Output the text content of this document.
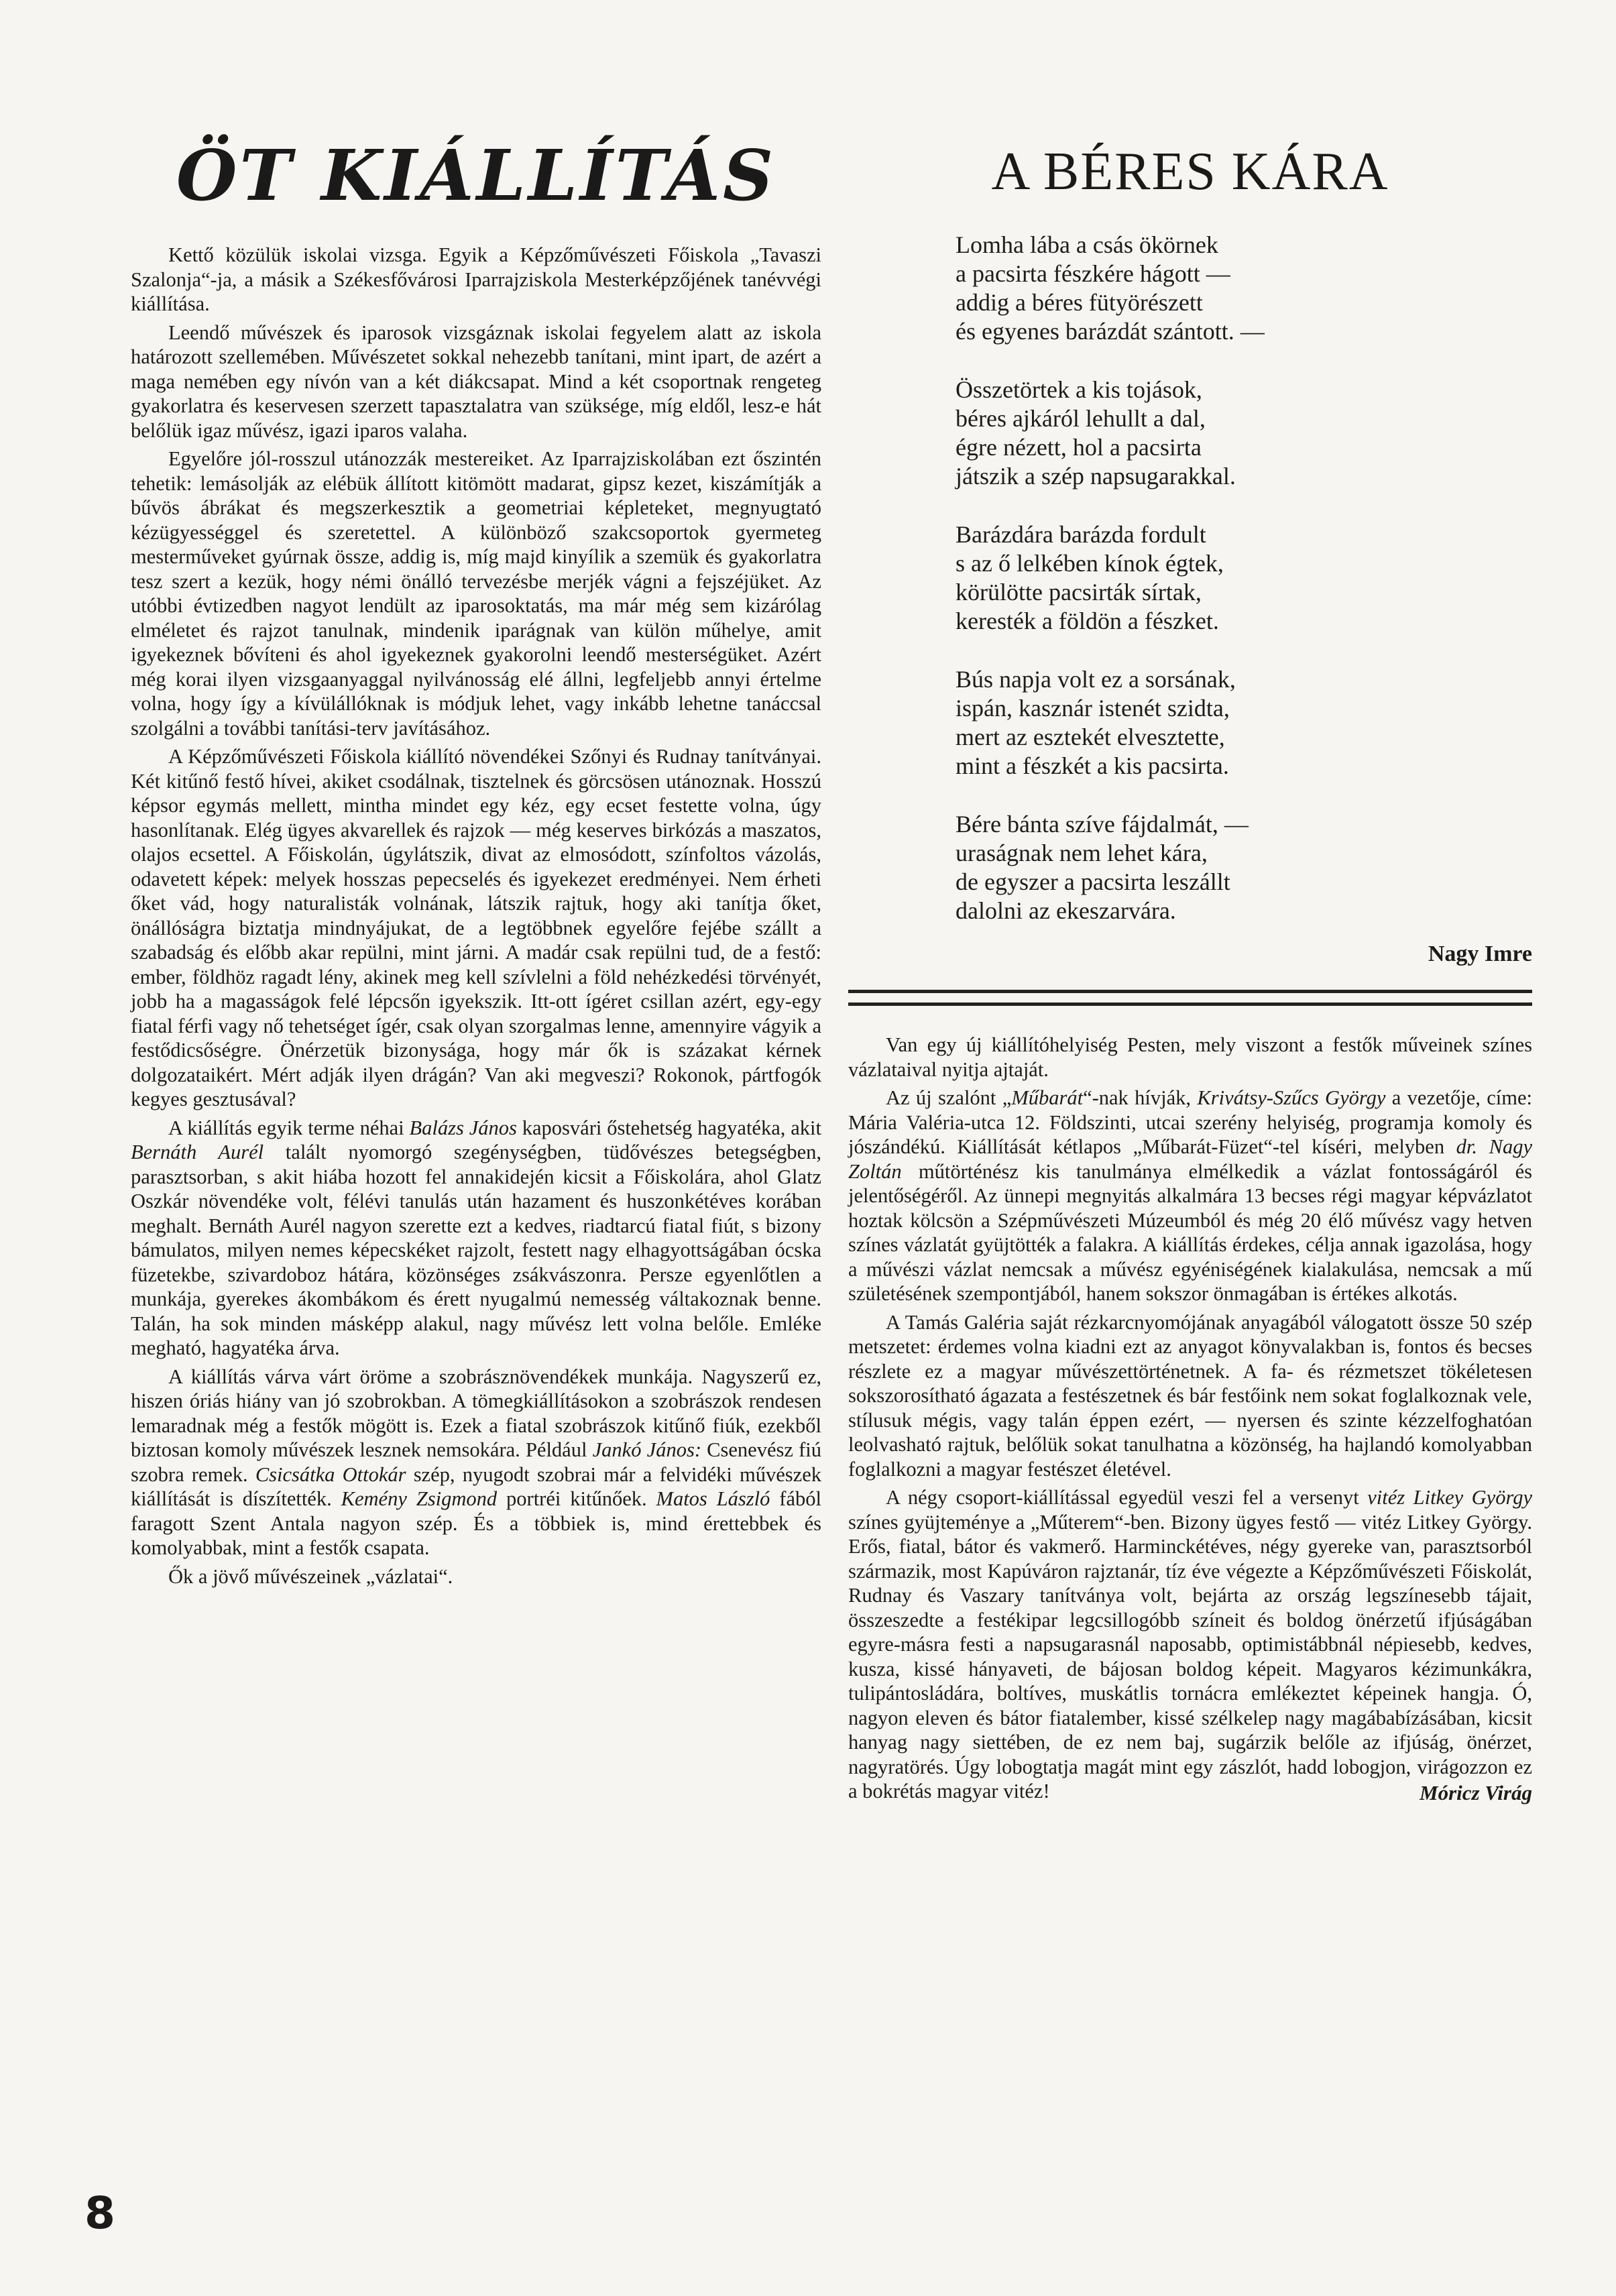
ÖT KIÁLLÍTÁS

Kettő közülük iskolai vizsga. Egyik a Képzőművészeti Főiskola „Tavaszi Szalonja“-ja, a másik a Székesfővárosi Iparrajziskola Mesterképzőjének tanévvégi kiállítása.

Leendő művészek és iparosok vizsgáznak iskolai fegyelem alatt az iskola határozott szellemében. Művészetet sokkal nehezebb tanítani, mint ipart, de azért a maga nemében egy nívón van a két diákcsapat. Mind a két csoportnak rengeteg gyakorlatra és keservesen szerzett tapasztalatra van szüksége, míg eldől, lesz-e hát belőlük igaz művész, igazi iparos valaha.

Egyelőre jól-rosszul utánozzák mestereiket. Az Iparrajziskolában ezt őszintén tehetik: lemásolják az elébük állított kitömött madarat, gipsz kezet, kiszámítják a bűvös ábrákat és megszerkesztik a geometriai képleteket, megnyugtató kézügyességgel és szeretettel. A különböző szakcsoportok gyermeteg mesterműveket gyúrnak össze, addig is, míg majd kinyílik a szemük és gyakorlatra tesz szert a kezük, hogy némi önálló tervezésbe merjék vágni a fejszéjüket. Az utóbbi évtizedben nagyot lendült az iparosoktatás, ma már még sem kizárólag elméletet és rajzot tanulnak, mindenik iparágnak van külön műhelye, amit igyekeznek bővíteni és ahol igyekeznek gyakorolni leendő mesterségüket. Azért még korai ilyen vizsgaanyaggal nyilvánosság elé állni, legfeljebb annyi értelme volna, hogy így a kívülállóknak is módjuk lehet, vagy inkább lehetne tanáccsal szolgálni a további tanítási-terv javításához.

A Képzőművészeti Főiskola kiállító növendékei Szőnyi és Rudnay tanítványai. Két kitűnő festő hívei, akiket csodálnak, tisztelnek és görcsösen utánoznak. Hosszú képsor egymás mellett, mintha mindet egy kéz, egy ecset festette volna, úgy hasonlítanak. Elég ügyes akvarellek és rajzok — még keserves birkózás a maszatos, olajos ecsettel. A Főiskolán, úgylátszik, divat az elmosódott, színfoltos vázolás, odavetett képek: melyek hosszas pepecselés és igyekezet eredményei. Nem érheti őket vád, hogy naturalisták volnának, látszik rajtuk, hogy aki tanítja őket, önállóságra biztatja mindnyájukat, de a legtöbbnek egyelőre fejébe szállt a szabadság és előbb akar repülni, mint járni. A madár csak repülni tud, de a festő: ember, földhöz ragadt lény, akinek meg kell szívlelni a föld nehézkedési törvényét, jobb ha a magasságok felé lépcsőn igyekszik. Itt-ott ígéret csillan azért, egy-egy fiatal férfi vagy nő tehetséget ígér, csak olyan szorgalmas lenne, amennyire vágyik a festődicsőségre. Önérzetük bizonysága, hogy már ők is százakat kérnek dolgozataikért. Mért adják ilyen drágán? Van aki megveszi? Rokonok, pártfogók kegyes gesztusával?

A kiállítás egyik terme néhai Balázs János kaposvári őstehetség hagyatéka, akit Bernáth Aurél talált nyomorgó szegénységben, tüdővészes betegségben, parasztsorban, s akit hiába hozott fel annakidején kicsit a Főiskolára, ahol Glatz Oszkár növendéke volt, félévi tanulás után hazament és huszonkétéves korában meghalt. Bernáth Aurél nagyon szerette ezt a kedves, riadtarcú fiatal fiút, s bizony bámulatos, milyen nemes képecskéket rajzolt, festett nagy elhagyottságában ócska füzetekbe, szivardoboz hátára, közönséges zsákvászonra. Persze egyenlőtlen a munkája, gyerekes ákombákom és érett nyugalmú nemesség váltakoznak benne. Talán, ha sok minden másképp alakul, nagy művész lett volna belőle. Emléke megható, hagyatéka árva.

A kiállítás várva várt öröme a szobrásznövendékek munkája. Nagyszerű ez, hiszen óriás hiány van jó szobrokban. A tömegkiállításokon a szobrászok rendesen lemaradnak még a festők mögött is. Ezek a fiatal szobrászok kitűnő fiúk, ezekből biztosan komoly művészek lesznek nemsokára. Például Jankó János: Csenevész fiú szobra remek. Csicsátka Ottokár szép, nyugodt szobrai már a felvidéki művészek kiállítását is díszítették. Kemény Zsigmond portréi kitűnőek. Matos László fából faragott Szent Antala nagyon szép. És a többiek is, mind érettebbek és komolyabbak, mint a festők csapata.

Ők a jövő művészeinek „vázlatai“.

A BÉRES KÁRA
Lomha lába a csás ökörnek
a pacsirta fészkére hágott —
addig a béres fütyörészett
és egyenes barázdát szántott. —
Összetörtek a kis tojások,
béres ajkáról lehullt a dal,
égre nézett, hol a pacsirta
játszik a szép napsugarakkal.
Barázdára barázda fordult
s az ő lelkében kínok égtek,
körülötte pacsirták sírtak,
keresték a földön a fészket.
Bús napja volt ez a sorsának,
ispán, kasznár istenét szidta,
mert az esztekét elvesztette,
mint a fészkét a kis pacsirta.
Bére bánta szíve fájdalmát, —
uraságnak nem lehet kára,
de egyszer a pacsirta leszállt
dalolni az ekeszarvára.
Nagy Imre

Van egy új kiállítóhelyiség Pesten, mely viszont a festők műveinek színes vázlataival nyitja ajtaját.

Az új szalónt „Műbarát“-nak hívják, Krivátsy-Szűcs György a vezetője, címe: Mária Valéria-utca 12. Földszinti, utcai szerény helyiség, programja komoly és jószándékú. Kiállítását kétlapos „Műbarát-Füzet“-tel kíséri, melyben dr. Nagy Zoltán műtörténész kis tanulmánya elmélkedik a vázlat fontosságáról és jelentőségéről. Az ünnepi megnyitás alkalmára 13 becses régi magyar képvázlatot hoztak kölcsön a Szépművészeti Múzeumból és még 20 élő művész vagy hetven színes vázlatát gyüjtötték a falakra. A kiállítás érdekes, célja annak igazolása, hogy a művészi vázlat nemcsak a művész egyéniségének kialakulása, nemcsak a mű születésének szempontjából, hanem sokszor önmagában is értékes alkotás.

A Tamás Galéria saját rézkarcnyomójának anyagából válogatott össze 50 szép metszetet: érdemes volna kiadni ezt az anyagot könyvalakban is, fontos és becses részlete ez a magyar művészettörténetnek. A fa- és rézmetszet tökéletesen sokszorosítható ágazata a festészetnek és bár festőink nem sokat foglalkoznak vele, stílusuk mégis, vagy talán éppen ezért, — nyersen és szinte kézzelfoghatóan leolvasható rajtuk, belőlük sokat tanulhatna a közönség, ha hajlandó komolyabban foglalkozni a magyar festészet életével.

A négy csoport-kiállítással egyedül veszi fel a versenyt vitéz Litkey György színes gyüjteménye a „Műterem“-ben. Bizony ügyes festő — vitéz Litkey György. Erős, fiatal, bátor és vakmerő. Harminckétéves, négy gyereke van, parasztsorból származik, most Kapúváron rajztanár, tíz éve végezte a Képzőművészeti Főiskolát, Rudnay és Vaszary tanítványa volt, bejárta az ország legszínesebb tájait, összeszedte a festékipar legcsillogóbb színeit és boldog önérzetű ifjúságában egyre-másra festi a napsugarasnál naposabb, optimistábbnál népiesebb, kedves, kusza, kissé hányaveti, de bájosan boldog képeit. Magyaros kézimunkákra, tulipántosládára, boltíves, muskátlis tornácra emlékeztet képeinek hangja. Ó, nagyon eleven és bátor fiatalember, kissé szélkelep nagy magábabízásában, kicsit hanyag nagy siettében, de ez nem baj, sugárzik belőle az ifjúság, önérzet, nagyratörés. Úgy lobogtatja magát mint egy zászlót, hadd lobogjon, virágozzon ez a bokrétás magyar vitéz!	Móricz Virág
8
